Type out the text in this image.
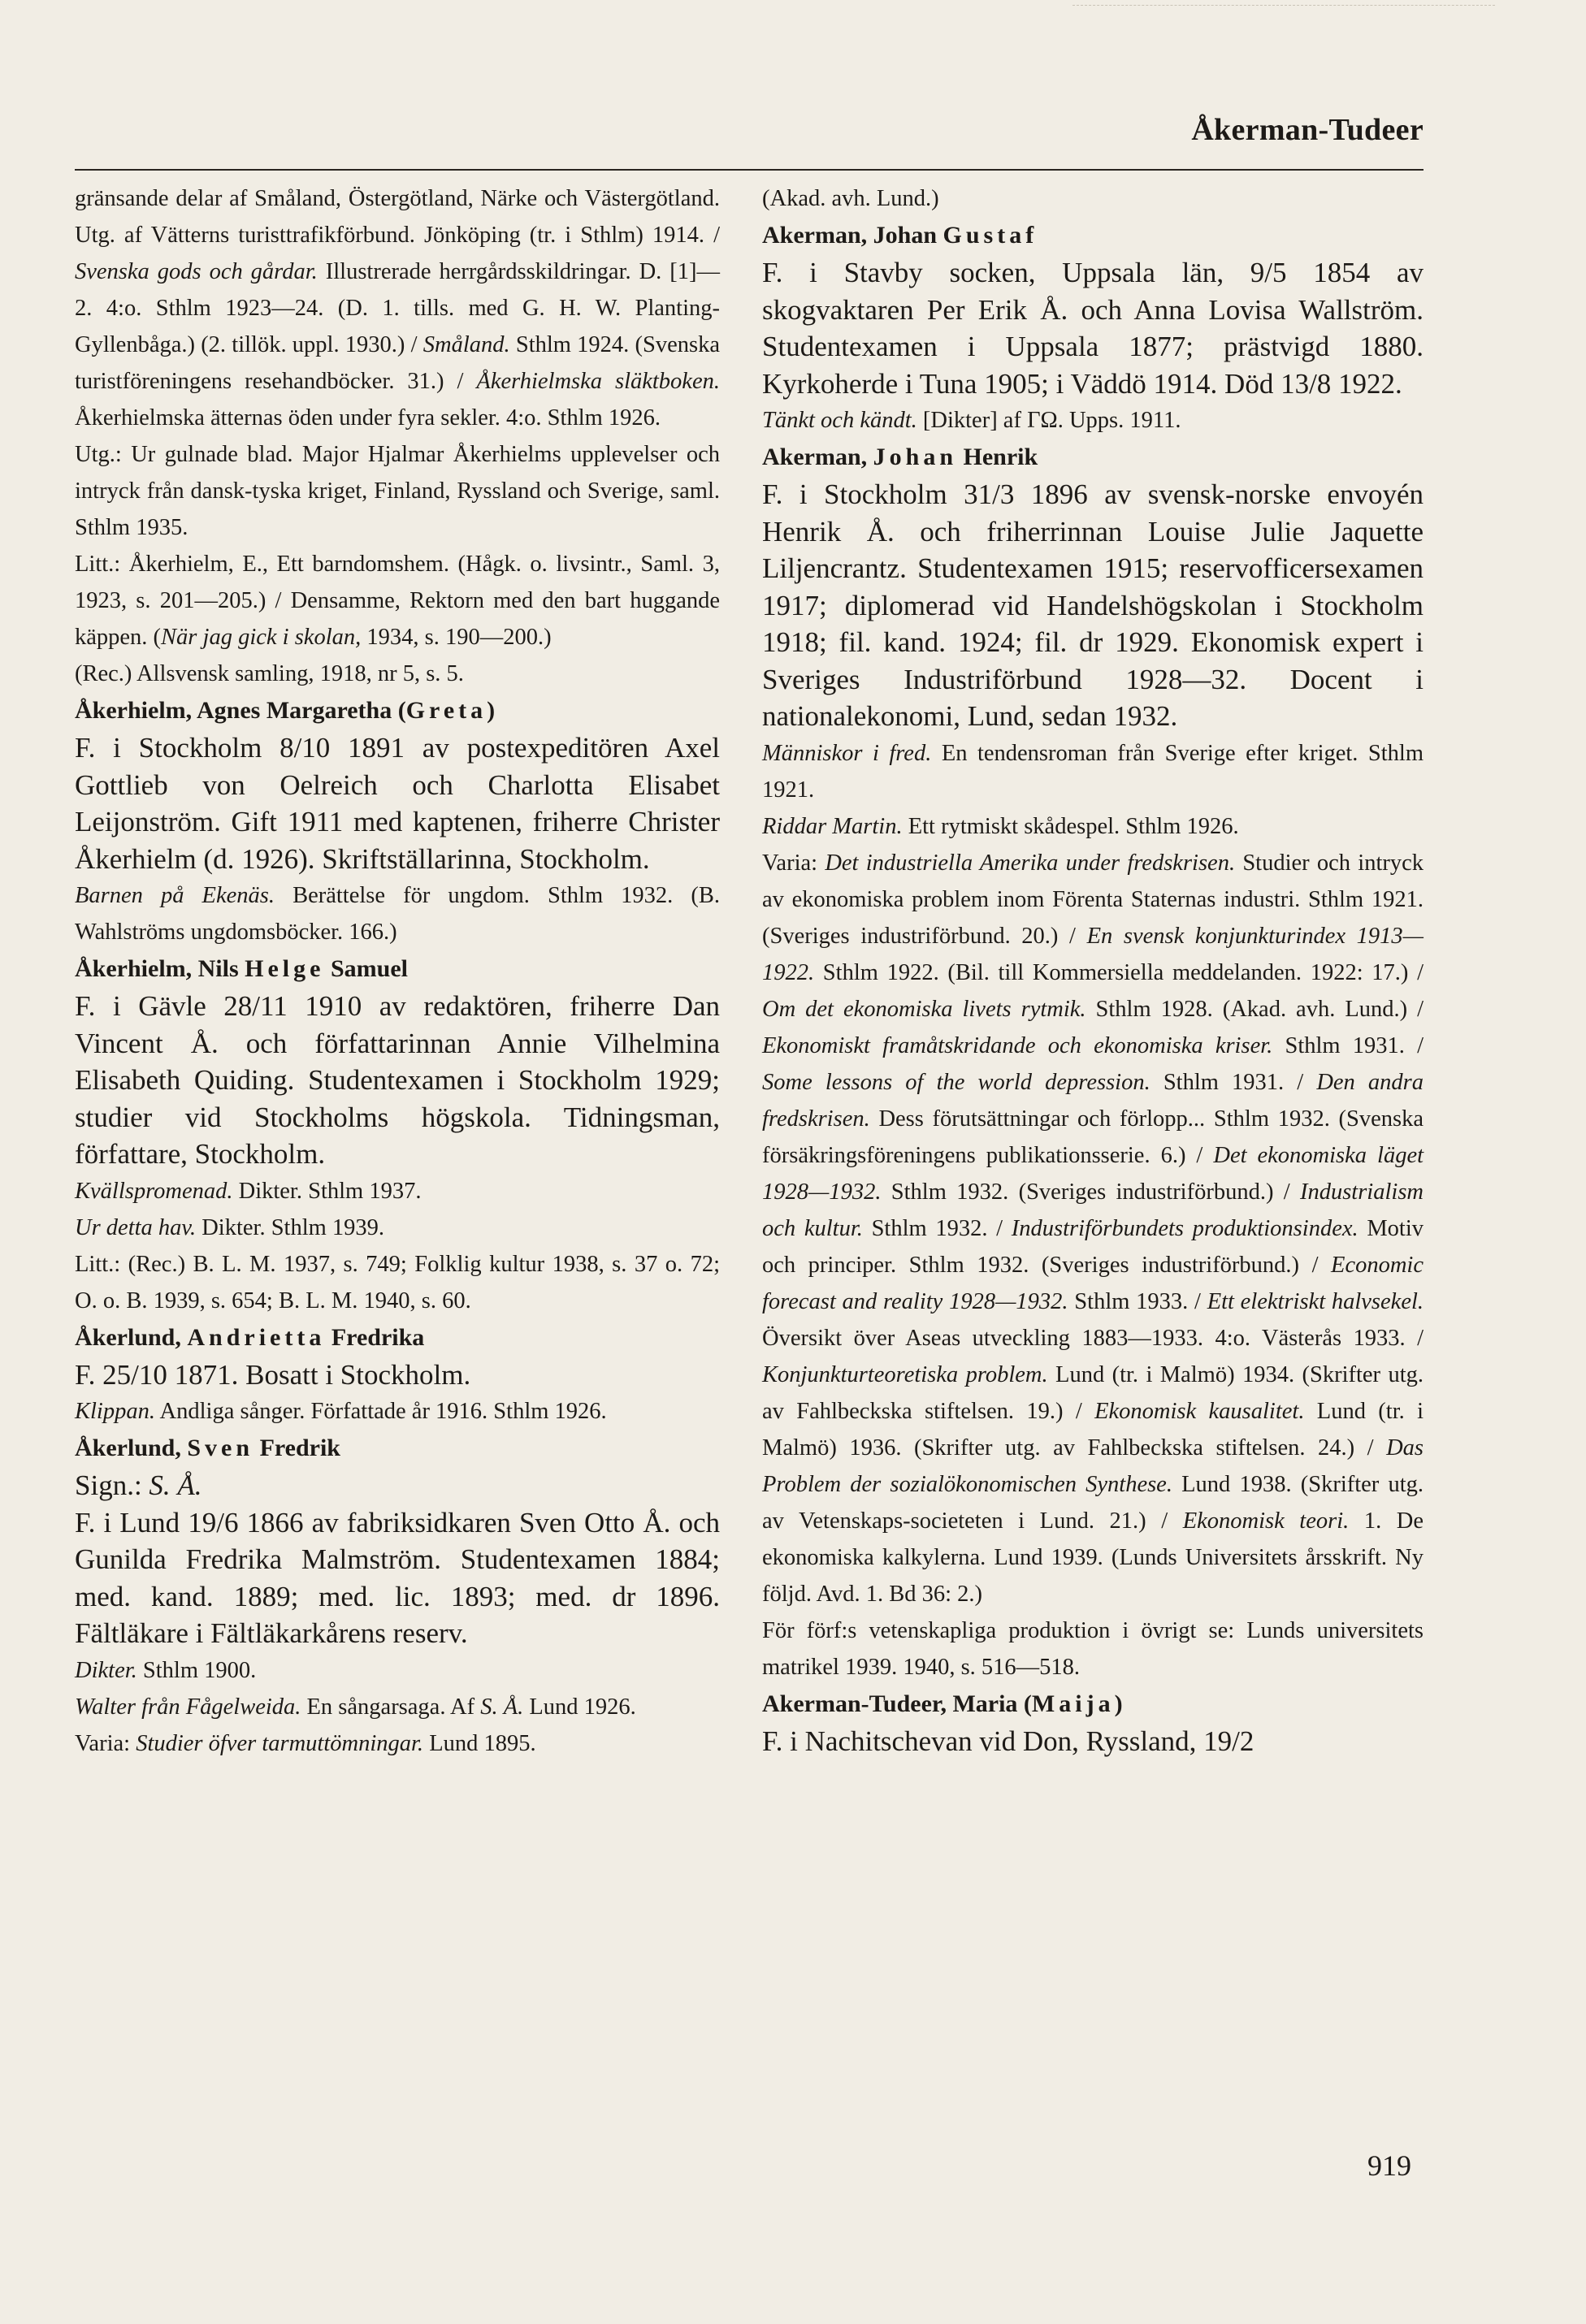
Åkerman-Tudeer

gränsande delar af Småland, Östergötland, Närke och Västergötland. Utg. af Vätterns turisttrafikförbund. Jönköping (tr. i Sthlm) 1914. / Svenska gods och gårdar. Illustrerade herrgårdsskildringar. D. [1]—2. 4:o. Sthlm 1923—24. (D. 1. tills. med G. H. W. Planting-Gyllenbåga.) (2. tillök. uppl. 1930.) / Småland. Sthlm 1924. (Svenska turistföreningens resehandböcker. 31.) / Åkerhielmska släktboken. Åkerhielmska ätternas öden under fyra sekler. 4:o. Sthlm 1926.

Utg.: Ur gulnade blad. Major Hjalmar Åkerhielms upplevelser och intryck från dansk-tyska kriget, Finland, Ryssland och Sverige, saml. Sthlm 1935.

Litt.: Åkerhielm, E., Ett barndomshem. (Hågk. o. livsintr., Saml. 3, 1923, s. 201—205.) / Densamme, Rektorn med den bart huggande käppen. (När jag gick i skolan, 1934, s. 190—200.)

(Rec.) Allsvensk samling, 1918, nr 5, s. 5.

Åkerhielm, Agnes Margaretha (Greta)

F. i Stockholm 8/10 1891 av postexpeditören Axel Gottlieb von Oelreich och Charlotta Elisabet Leijonström. Gift 1911 med kaptenen, friherre Christer Åkerhielm (d. 1926). Skriftställarinna, Stockholm.

Barnen på Ekenäs. Berättelse för ungdom. Sthlm 1932. (B. Wahlströms ungdomsböcker. 166.)

Åkerhielm, Nils Helge Samuel

F. i Gävle 28/11 1910 av redaktören, friherre Dan Vincent Å. och författarinnan Annie Vilhelmina Elisabeth Quiding. Studentexamen i Stockholm 1929; studier vid Stockholms högskola. Tidningsman, författare, Stockholm.

Kvällspromenad. Dikter. Sthlm 1937.

Ur detta hav. Dikter. Sthlm 1939.

Litt.: (Rec.) B. L. M. 1937, s. 749; Folklig kultur 1938, s. 37 o. 72; O. o. B. 1939, s. 654; B. L. M. 1940, s. 60.

Åkerlund, Andrietta Fredrika

F. 25/10 1871. Bosatt i Stockholm.

Klippan. Andliga sånger. Författade år 1916. Sthlm 1926.

Åkerlund, Sven Fredrik

Sign.: S. Å.

F. i Lund 19/6 1866 av fabriksidkaren Sven Otto Å. och Gunilda Fredrika Malmström. Studentexamen 1884; med. kand. 1889; med. lic. 1893; med. dr 1896. Fältläkare i Fältläkarkårens reserv.

Dikter. Sthlm 1900.

Walter från Fågelweida. En sångarsaga. Af S. Å. Lund 1926.

Varia: Studier öfver tarmuttömningar. Lund 1895.

(Akad. avh. Lund.)

Akerman, Johan Gustaf

F. i Stavby socken, Uppsala län, 9/5 1854 av skogvaktaren Per Erik Å. och Anna Lovisa Wallström. Studentexamen i Uppsala 1877; prästvigd 1880. Kyrkoherde i Tuna 1905; i Väddö 1914. Död 13/8 1922.

Tänkt och kändt. [Dikter] af ΓΩ. Upps. 1911.

Akerman, Johan Henrik

F. i Stockholm 31/3 1896 av svensk-norske envoyén Henrik Å. och friherrinnan Louise Julie Jaquette Liljencrantz. Studentexamen 1915; reservofficersexamen 1917; diplomerad vid Handelshögskolan i Stockholm 1918; fil. kand. 1924; fil. dr 1929. Ekonomisk expert i Sveriges Industriförbund 1928—32. Docent i nationalekonomi, Lund, sedan 1932.

Människor i fred. En tendensroman från Sverige efter kriget. Sthlm 1921.

Riddar Martin. Ett rytmiskt skådespel. Sthlm 1926.

Varia: Det industriella Amerika under fredskrisen. Studier och intryck av ekonomiska problem inom Förenta Staternas industri. Sthlm 1921. (Sveriges industriförbund. 20.) / En svensk konjunkturindex 1913—1922. Sthlm 1922. (Bil. till Kommersiella meddelanden. 1922: 17.) / Om det ekonomiska livets rytmik. Sthlm 1928. (Akad. avh. Lund.) / Ekonomiskt framåtskridande och ekonomiska kriser. Sthlm 1931. / Some lessons of the world depression. Sthlm 1931. / Den andra fredskrisen. Dess förutsättningar och förlopp... Sthlm 1932. (Svenska försäkringsföreningens publikationsserie. 6.) / Det ekonomiska läget 1928—1932. Sthlm 1932. (Sveriges industriförbund.) / Industrialism och kultur. Sthlm 1932. / Industriförbundets produktionsindex. Motiv och principer. Sthlm 1932. (Sveriges industriförbund.) / Economic forecast and reality 1928—1932. Sthlm 1933. / Ett elektriskt halvsekel. Översikt över Aseas utveckling 1883—1933. 4:o. Västerås 1933. / Konjunkturteoretiska problem. Lund (tr. i Malmö) 1934. (Skrifter utg. av Fahlbeckska stiftelsen. 19.) / Ekonomisk kausalitet. Lund (tr. i Malmö) 1936. (Skrifter utg. av Fahlbeckska stiftelsen. 24.) / Das Problem der sozialökonomischen Synthese. Lund 1938. (Skrifter utg. av Vetenskaps-societeten i Lund. 21.) / Ekonomisk teori. 1. De ekonomiska kalkylerna. Lund 1939. (Lunds Universitets årsskrift. Ny följd. Avd. 1. Bd 36: 2.)

För förf:s vetenskapliga produktion i övrigt se: Lunds universitets matrikel 1939. 1940, s. 516—518.

Akerman-Tudeer, Maria (Maija)

F. i Nachitschevan vid Don, Ryssland, 19/2

919
